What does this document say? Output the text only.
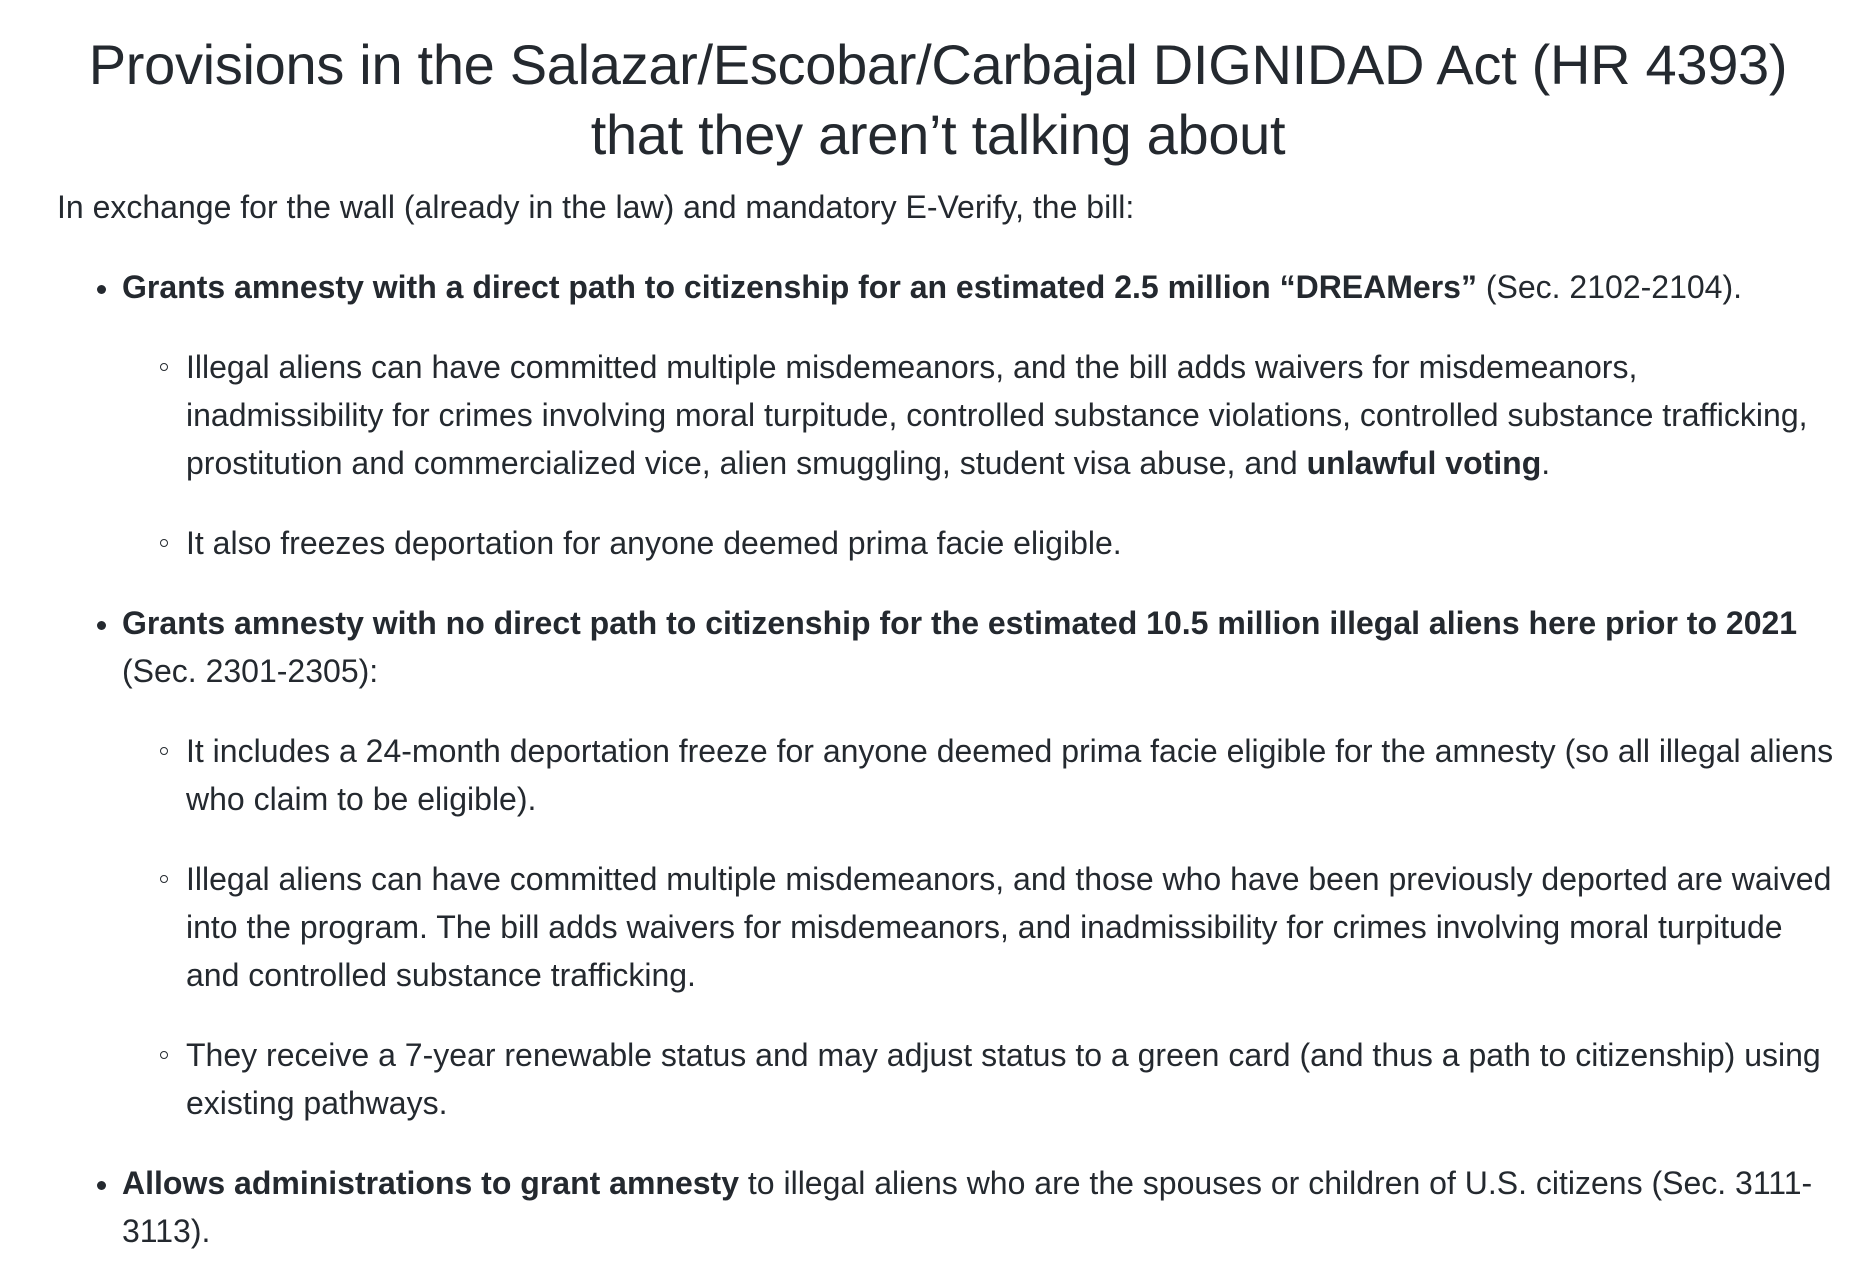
Provisions in the Salazar/Escobar/Carbajal DIGNIDAD Act (HR 4393) that they aren’t talking about

In exchange for the wall (already in the law) and mandatory E-Verify, the bill:

Grants amnesty with a direct path to citizenship for an estimated 2.5 million “DREAMers” (Sec. 2102-2104).
Illegal aliens can have committed multiple misdemeanors, and the bill adds waivers for misdemeanors, inadmissibility for crimes involving moral turpitude, controlled substance violations, controlled substance trafficking, prostitution and commercialized vice, alien smuggling, student visa abuse, and unlawful voting.
It also freezes deportation for anyone deemed prima facie eligible.
Grants amnesty with no direct path to citizenship for the estimated 10.5 million illegal aliens here prior to 2021 (Sec. 2301-2305):
It includes a 24-month deportation freeze for anyone deemed prima facie eligible for the amnesty (so all illegal aliens who claim to be eligible).
Illegal aliens can have committed multiple misdemeanors, and those who have been previously deported are waived into the program. The bill adds waivers for misdemeanors, and inadmissibility for crimes involving moral turpitude and controlled substance trafficking.
They receive a 7-year renewable status and may adjust status to a green card (and thus a path to citizenship) using existing pathways.
Allows administrations to grant amnesty to illegal aliens who are the spouses or children of U.S. citizens (Sec. 3111-3113).
